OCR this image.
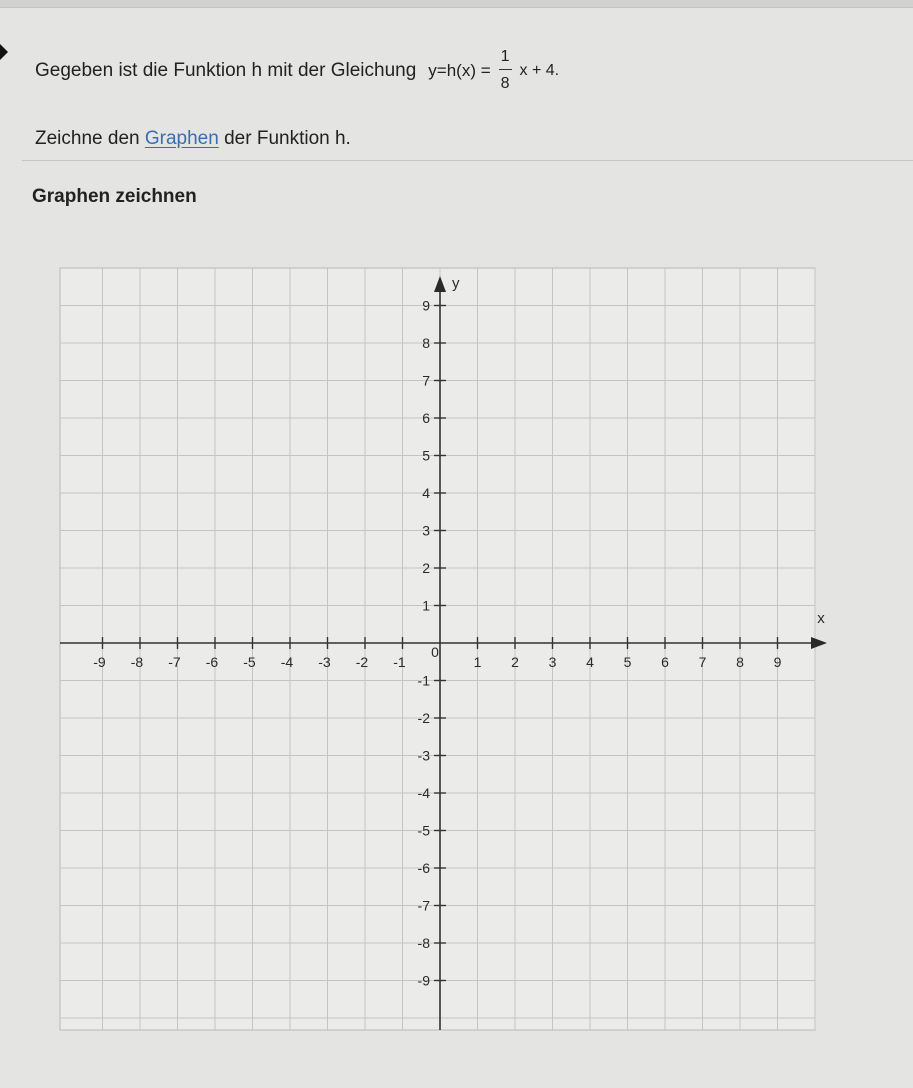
Gegeben ist die Funktion h mit der Gleichung $y=h(x) = \frac{1}{8}$ x + 4.
Zeichne den Graphen der Funktion h.
Graphen zeichnen
x
y
-9 -8 -7 -6 -5 -4 -3 -2 -1	1 2 3 4 5 6 7 8 9
-9
-8
-7
-6
-5
-4
-3
-2
-1
1
2
3
4
5
6
7
8
9
0
